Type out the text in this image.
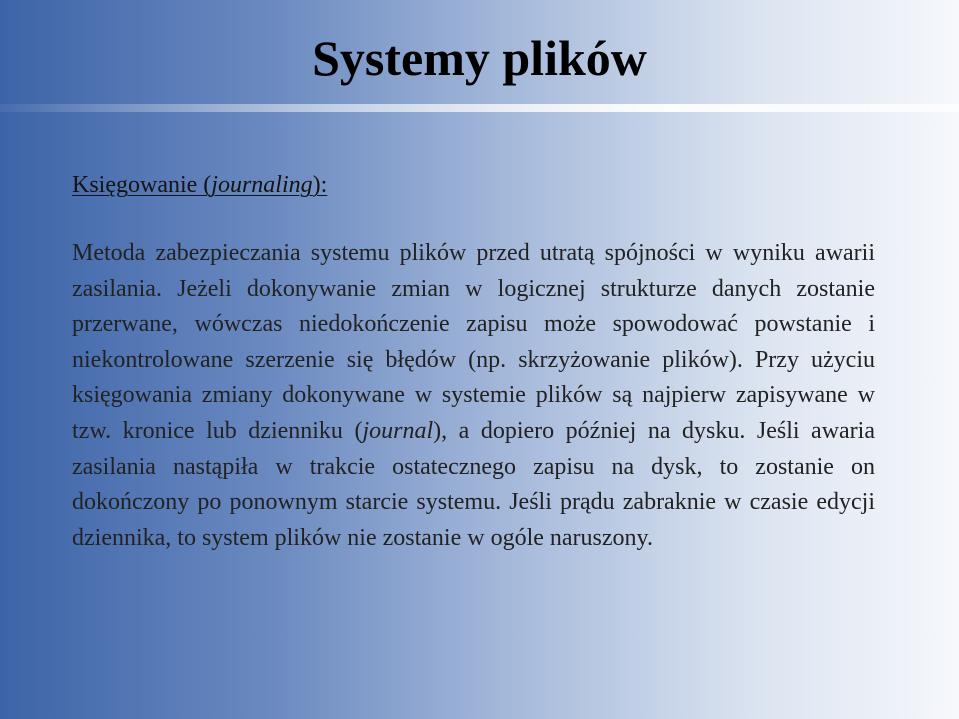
Systemy plików
Księgowanie (journaling):

Metoda zabezpieczania systemu plików przed utratą spójności w wyniku awarii zasilania. Jeżeli dokonywanie zmian w logicznej strukturze danych zostanie przerwane, wówczas niedokończenie zapisu może spowodować powstanie i niekontrolowane szerzenie się błędów (np. skrzyżowanie plików). Przy użyciu księgowania zmiany dokonywane w systemie plików są najpierw zapisywane w tzw. kronice lub dzienniku (journal), a dopiero później na dysku. Jeśli awaria zasilania nastąpiła w trakcie ostatecznego zapisu na dysk, to zostanie on dokończony po ponownym starcie systemu. Jeśli prądu zabraknie w czasie edycji dziennika, to system plików nie zostanie w ogóle naruszony.
